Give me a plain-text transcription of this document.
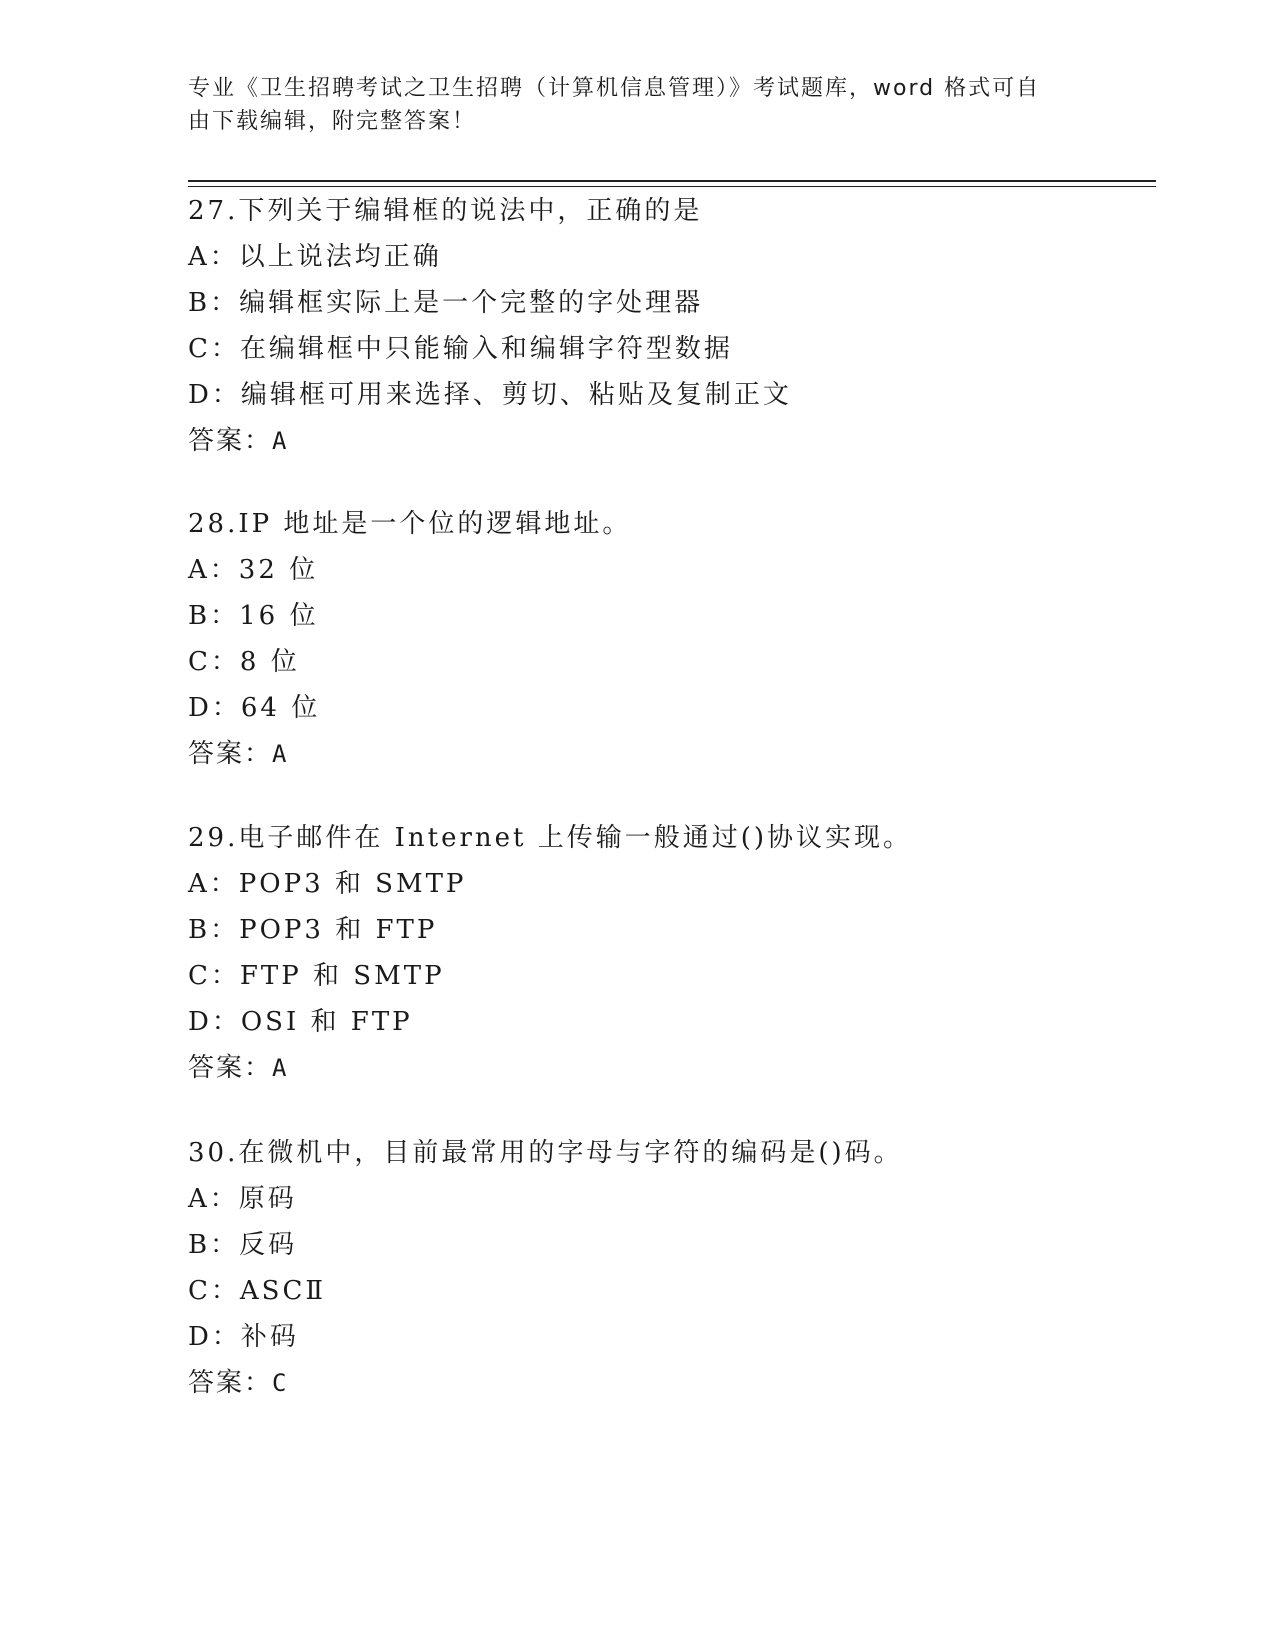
专业《卫生招聘考试之卫生招聘（计算机信息管理）》考试题库，word 格式可自
由下载编辑，附完整答案！
27.下列关于编辑框的说法中，正确的是
A：以上说法均正确
B：编辑框实际上是一个完整的字处理器
C：在编辑框中只能输入和编辑字符型数据
D：编辑框可用来选择、剪切、粘贴及复制正文
答案：A
28.IP 地址是一个位的逻辑地址。
A：32 位
B：16 位
C：8 位
D：64 位
答案：A
29.电子邮件在 Internet 上传输一般通过()协议实现。
A：POP3 和 SMTP
B：POP3 和 FTP
C：FTP 和 SMTP
D：OSI 和 FTP
答案：A
30.在微机中，目前最常用的字母与字符的编码是()码。
A：原码
B：反码
C：ASCⅡ
D：补码
答案：C
